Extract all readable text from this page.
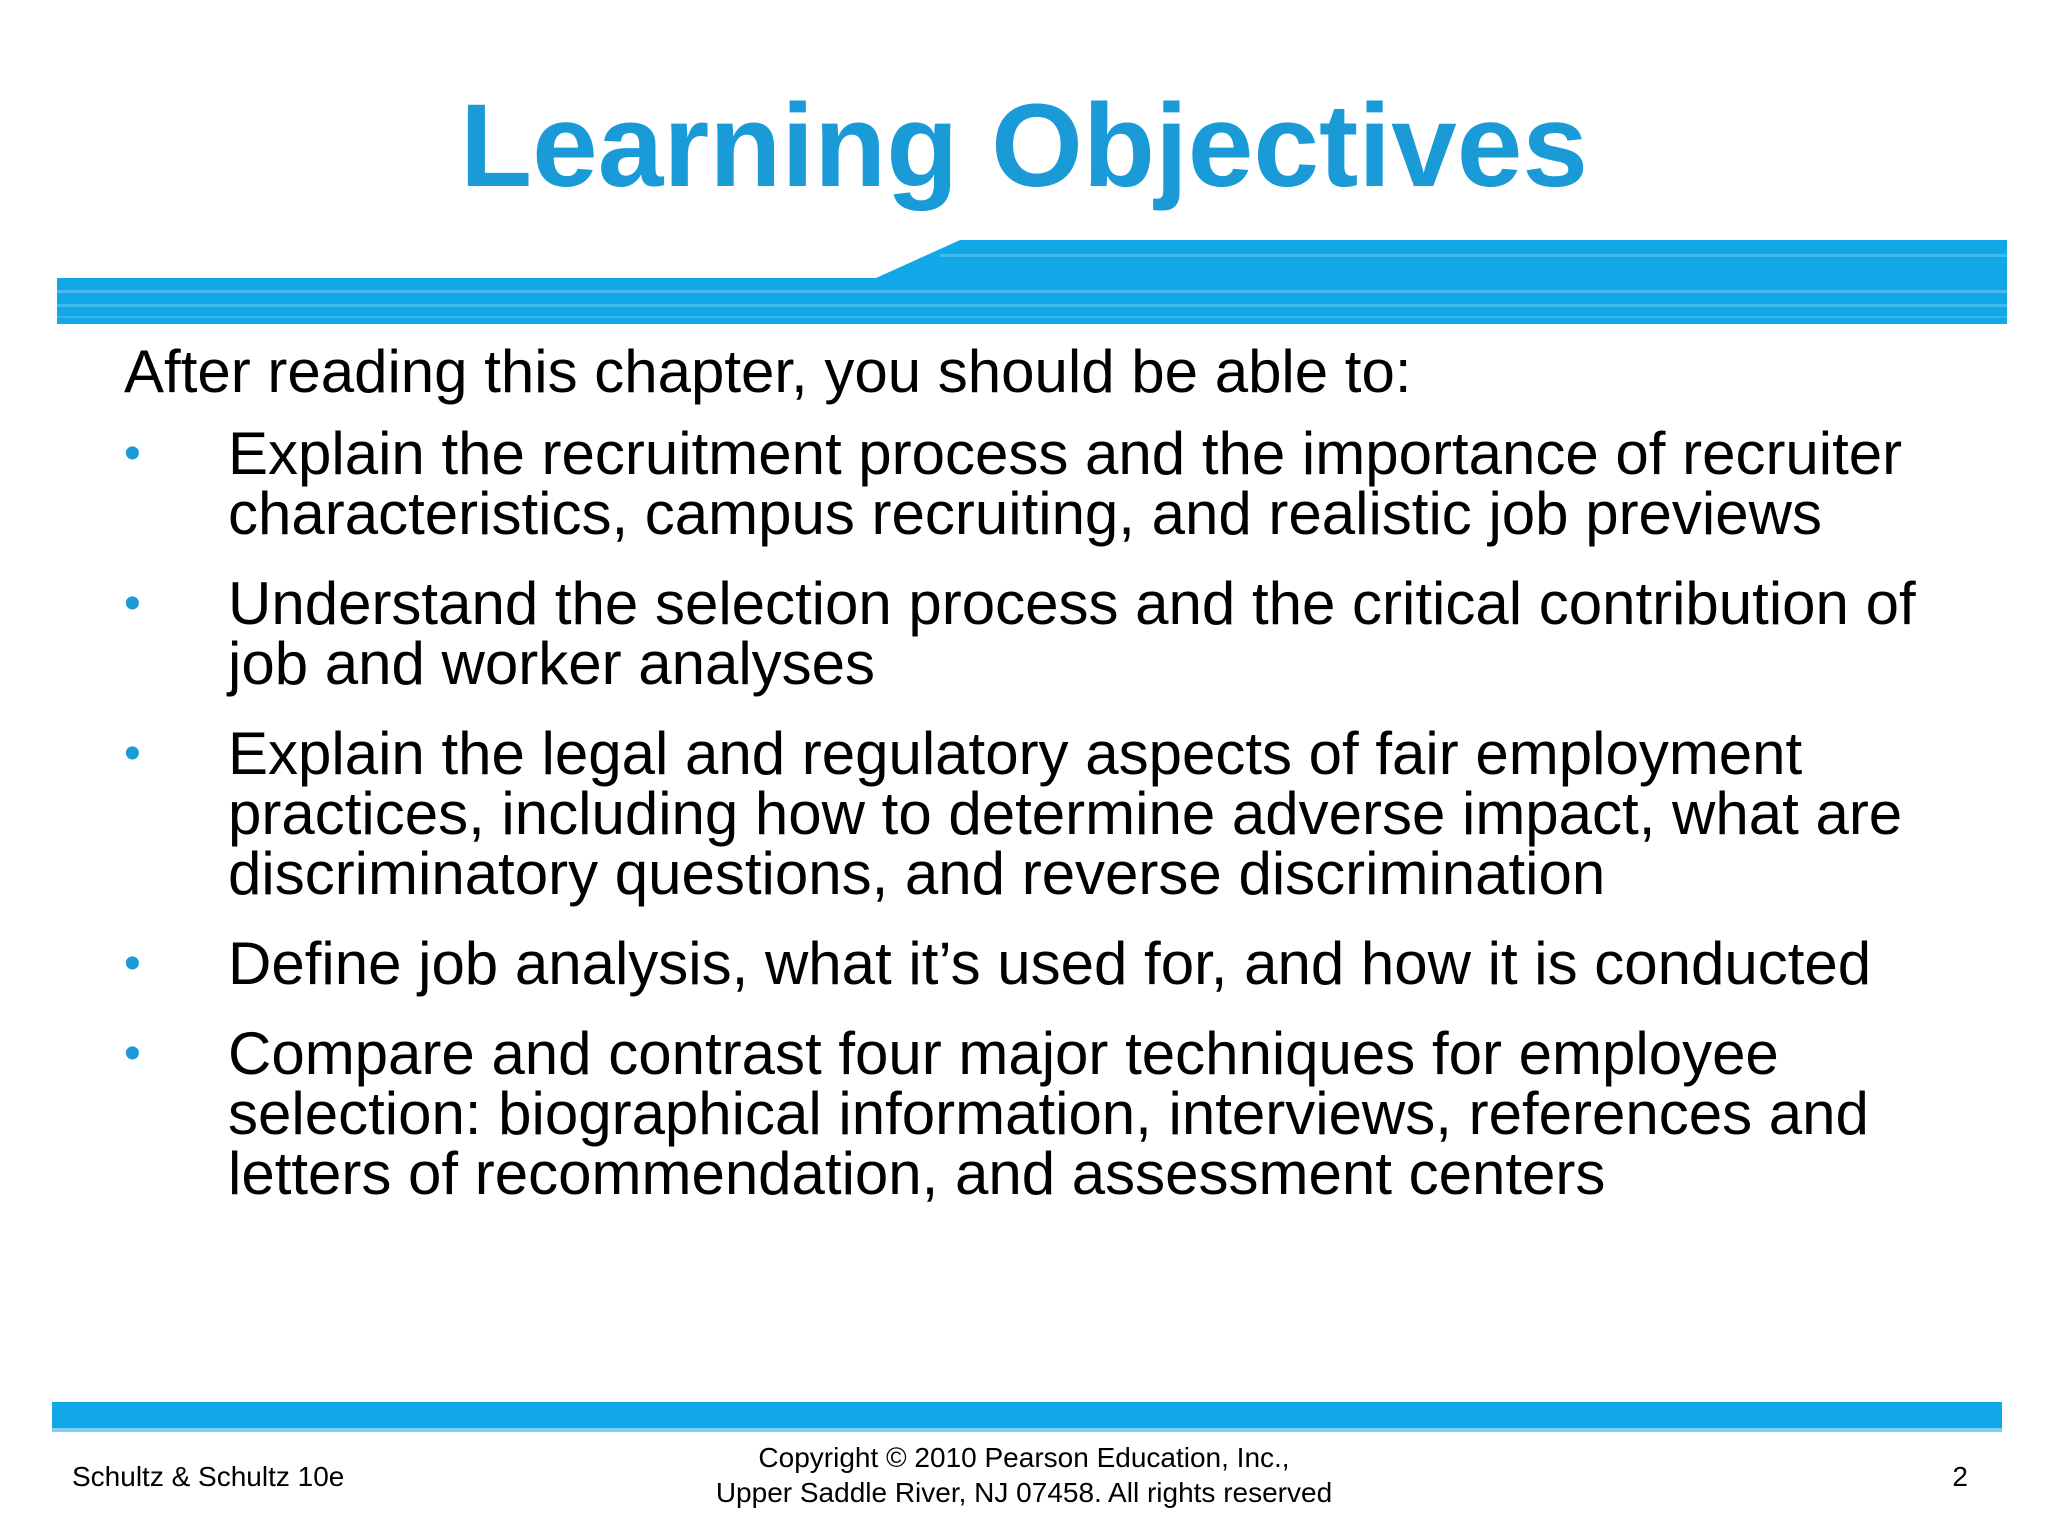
Learning Objectives

After reading this chapter, you should be able to:

•	Explain the recruitment process and the importance of recruiter characteristics, campus recruiting, and realistic job previews
•	Understand the selection process and the critical contribution of job and worker analyses
•	Explain the legal and regulatory aspects of fair employment practices, including how to determine adverse impact, what are discriminatory questions, and reverse discrimination
•	Define job analysis, what it’s used for, and how it is conducted
•	Compare and contrast four major techniques for employee selection: biographical information, interviews, references and letters of recommendation, and assessment centers
Schultz & Schultz 10e
Copyright © 2010 Pearson Education, Inc.,
Upper Saddle River, NJ 07458. All rights reserved
2
